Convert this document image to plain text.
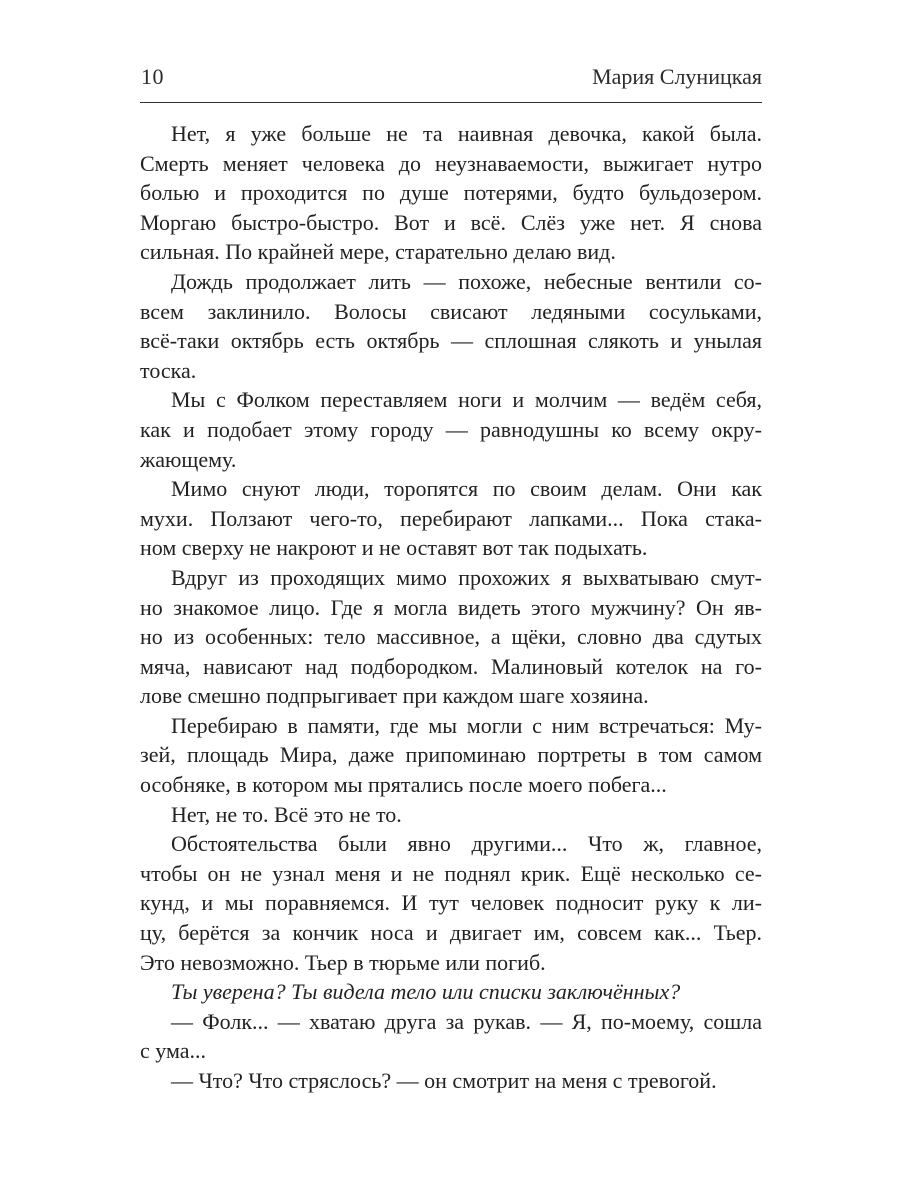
10	Мария Слуницкая
Нет, я уже больше не та наивная девочка, какой была.
Смерть меняет человека до неузнаваемости, выжигает нутро
болью и проходится по душе потерями, будто бульдозером.
Моргаю быстро-быстро. Вот и всё. Слёз уже нет. Я снова
сильная. По крайней мере, старательно делаю вид.
Дождь продолжает лить — похоже, небесные вентили со-
всем заклинило. Волосы свисают ледяными сосульками,
всё-таки октябрь есть октябрь — сплошная слякоть и унылая
тоска.
Мы с Фолком переставляем ноги и молчим — ведём себя,
как и подобает этому городу — равнодушны ко всему окру-
жающему.
Мимо снуют люди, торопятся по своим делам. Они как
мухи. Ползают чего-то, перебирают лапками... Пока стака-
ном сверху не накроют и не оставят вот так подыхать.
Вдруг из проходящих мимо прохожих я выхватываю смут-
но знакомое лицо. Где я могла видеть этого мужчину? Он яв-
но из особенных: тело массивное, а щёки, словно два сдутых
мяча, нависают над подбородком. Малиновый котелок на го-
лове смешно подпрыгивает при каждом шаге хозяина.
Перебираю в памяти, где мы могли с ним встречаться: Му-
зей, площадь Мира, даже припоминаю портреты в том самом
особняке, в котором мы прятались после моего побега...
Нет, не то. Всё это не то.
Обстоятельства были явно другими... Что ж, главное,
чтобы он не узнал меня и не поднял крик. Ещё несколько се-
кунд, и мы поравняемся. И тут человек подносит руку к ли-
цу, берётся за кончик носа и двигает им, совсем как... Тьер.
Это невозможно. Тьер в тюрьме или погиб.
Ты уверена? Ты видела тело или списки заключённых?
— Фолк... — хватаю друга за рукав. — Я, по-моему, сошла
с ума...
— Что? Что стряслось? — он смотрит на меня с тревогой.
